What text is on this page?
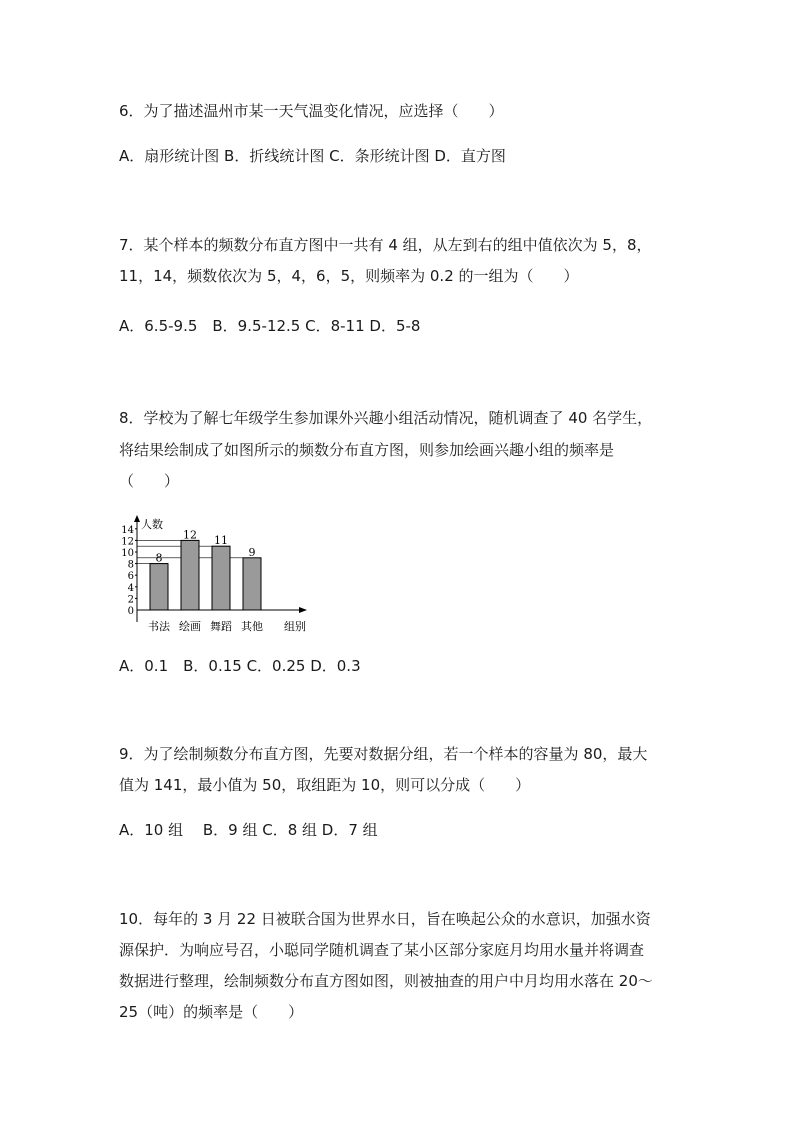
6．为了描述温州市某一天气温变化情况，应选择（　　）
A．扇形统计图 B．折线统计图 C．条形统计图 D．直方图
7．某个样本的频数分布直方图中一共有 4 组，从左到右的组中值依次为 5，8，
11，14，频数依次为 5，4，6，5，则频率为 0.2 的一组为（　　）
A．6.5-9.5　B．9.5-12.5 C．8-11 D．5-8
8．学校为了解七年级学生参加课外兴趣小组活动情况，随机调查了 40 名学生，
将结果绘制成了如图所示的频数分布直方图，则参加绘画兴趣小组的频率是
（　　）
8
12 11
9
0
2
4
6
8
10
12
14
书法 绘画 舞蹈 其他
人数
组别
A．0.1　B．0.15 C．0.25 D．0.3
9．为了绘制频数分布直方图，先要对数据分组，若一个样本的容量为 80，最大
值为 141，最小值为 50，取组距为 10，则可以分成（　　）
A．10 组　 B．9 组 C．8 组 D．7 组
10．每年的 3 月 22 日被联合国为世界水日，旨在唤起公众的水意识，加强水资
源保护．为响应号召，小聪同学随机调查了某小区部分家庭月均用水量并将调查
数据进行整理，绘制频数分布直方图如图，则被抽查的用户中月均用水落在 20～
25（吨）的频率是（　　）
